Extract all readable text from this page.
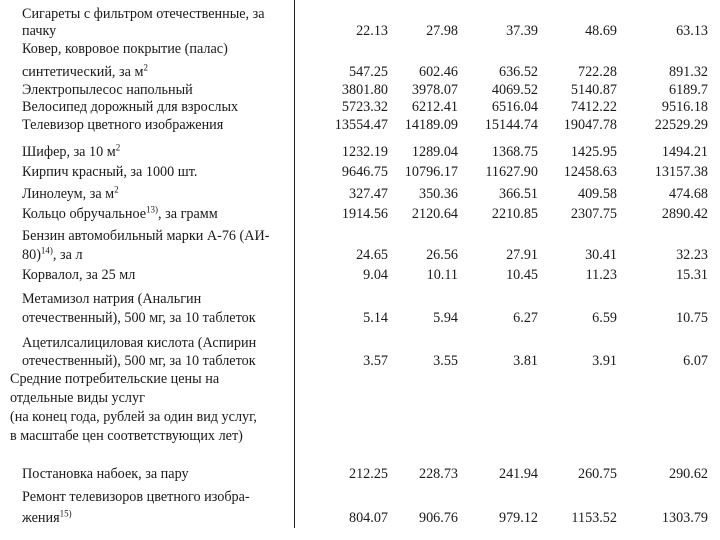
Сигареты с фильтром отечественные, за
пачку	22.13	27.98	37.39	48.69	63.13
Ковер, ковровое покрытие (палас)
синтетический, за $м^2$	547.25	602.46	636.52	722.28	891.32
Электропылесос напольный	3801.80	3978.07	4069.52	5140.87	6189.7
Велосипед дорожный для взрослых	5723.32	6212.41	6516.04	7412.22	9516.18
Телевизор цветного изображения	13554.47	14189.09	15144.74	19047.78	22529.29
Шифер, за 10 $м^2$	1232.19	1289.04	1368.75	1425.95	1494.21
Кирпич красный, за 1000 шт.	9646.75	10796.17	11627.90	12458.63	13157.38
Линолеум, за $м^2$	327.47	350.36	366.51	409.58	474.68
Кольцо обручальное$^{13)}$, за грамм	1914.56	2120.64	2210.85	2307.75	2890.42
Бензин автомобильный марки А-76 (АИ-
80)$^{14)}$, за л	24.65	26.56	27.91	30.41	32.23
Корвалол, за 25 мл	9.04	10.11	10.45	11.23	15.31
Метамизол натрия (Анальгин
отечественный), 500 мг, за 10 таблеток	5.14	5.94	6.27	6.59	10.75
Ацетилсалициловая кислота (Аспирин
отечественный), 500 мг, за 10 таблеток	3.57	3.55	3.81	3.91	6.07
Средние потребительские цены на
отдельные виды услуг
(на конец года, рублей за один вид услуг,
в масштабе цен соответствующих лет)
Постановка набоек, за пару	212.25	228.73	241.94	260.75	290.62
Ремонт телевизоров цветного изобра-
жения$^{15)}$	804.07	906.76	979.12	1153.52	1303.79
